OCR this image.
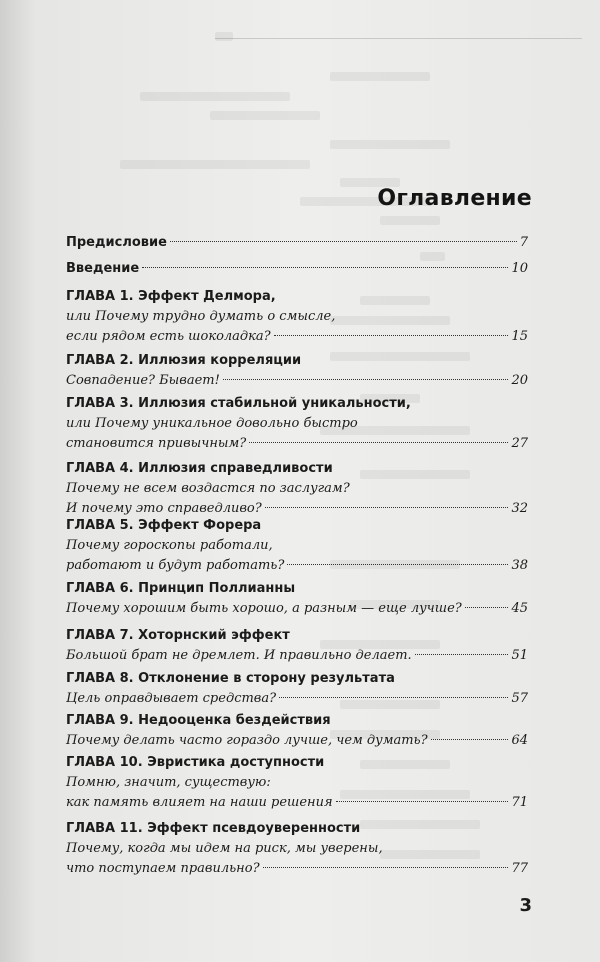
Оглавление
Предисловие	7
Введение	10
ГЛАВА 1. Эффект Делмора,
или Почему трудно думать о смысле,
если рядом есть шоколадка?	15
ГЛАВА 2. Иллюзия корреляции
Совпадение? Бывает!	20
ГЛАВА 3. Иллюзия стабильной уникальности,
или Почему уникальное довольно быстро
становится привычным?	27
ГЛАВА 4. Иллюзия справедливости
Почему не всем воздастся по заслугам?
И почему это справедливо?	32
ГЛАВА 5. Эффект Форера
Почему гороскопы работали,
работают и будут работать?	38
ГЛАВА 6. Принцип Поллианны
Почему хорошим быть хорошо, а разным — еще лучше?	45
ГЛАВА 7. Хоторнский эффект
Большой брат не дремлет. И правильно делает.	51
ГЛАВА 8. Отклонение в сторону результата
Цель оправдывает средства?	57
ГЛАВА 9. Недооценка бездействия
Почему делать часто гораздо лучше, чем думать?	64
ГЛАВА 10. Эвристика доступности
Помню, значит, существую:
как память влияет на наши решения	71
ГЛАВА 11. Эффект псевдоуверенности
Почему, когда мы идем на риск, мы уверены,
что поступаем правильно?	77
3
